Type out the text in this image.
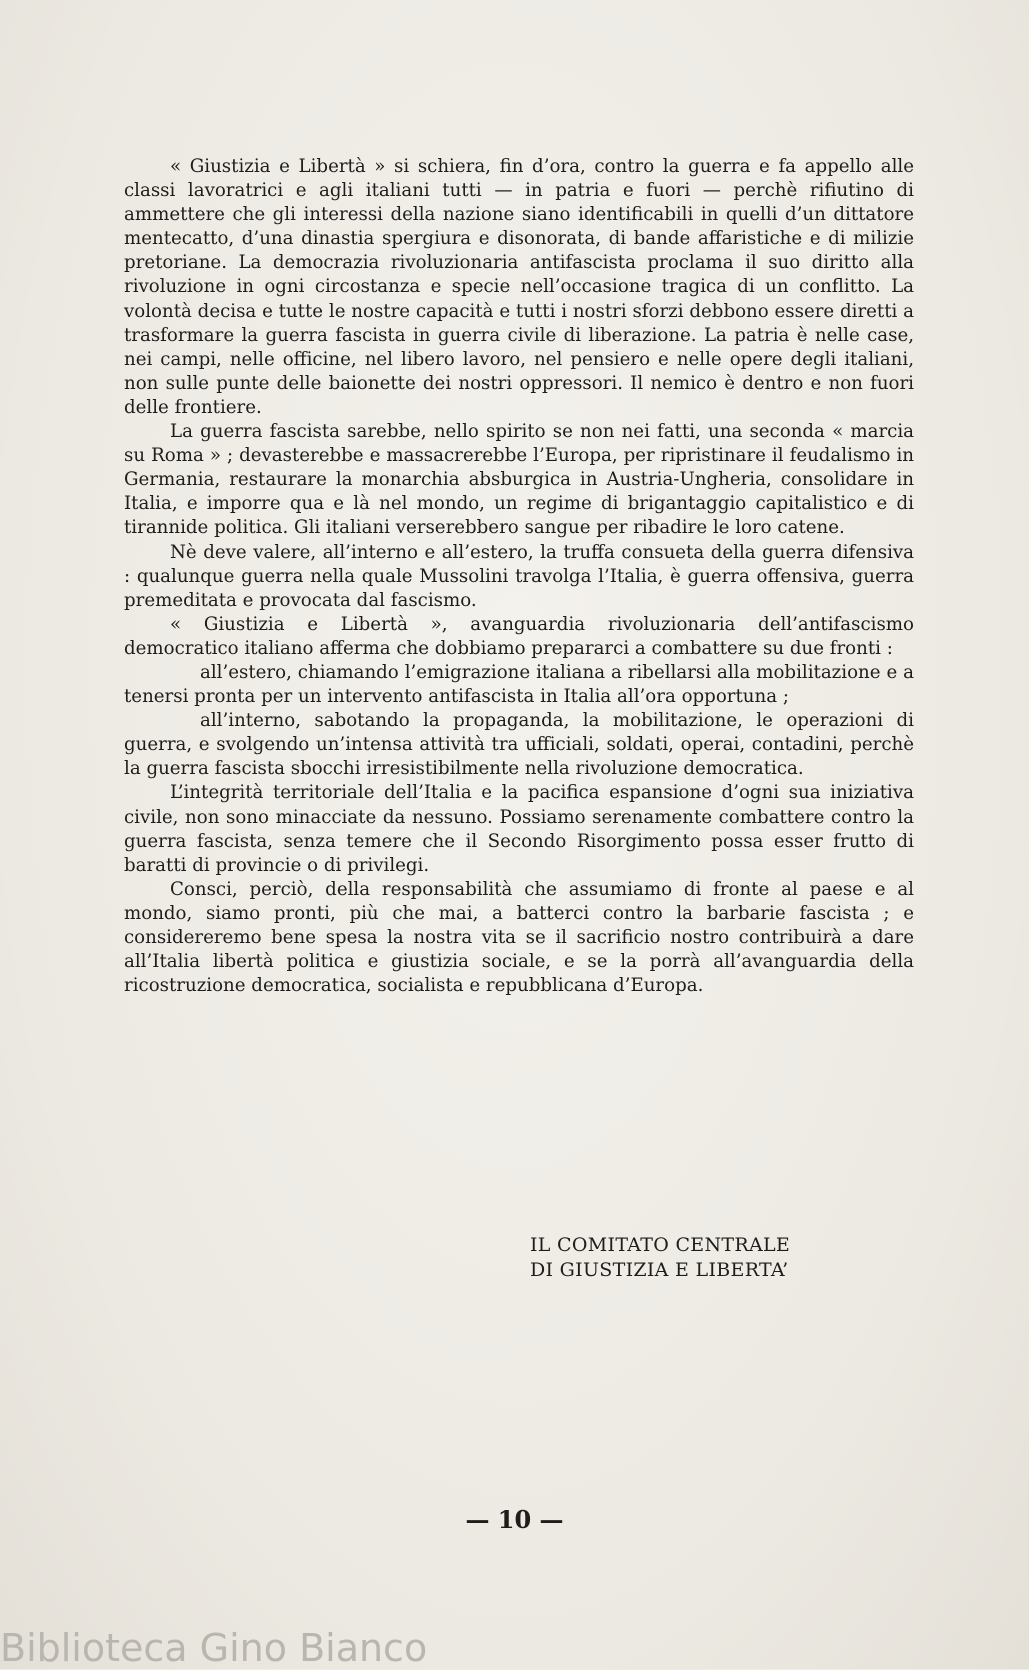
« Giustizia e Libertà » si schiera, fin d’ora, contro la guerra e fa appello alle classi lavoratrici e agli italiani tutti — in patria e fuori — perchè rifiutino di ammettere che gli interessi della nazione siano identificabili in quelli d’un dittatore mentecatto, d’una dinastia spergiura e disonorata, di bande affaristiche e di milizie pretoriane. La democrazia rivoluzionaria antifascista proclama il suo diritto alla rivoluzione in ogni circostanza e specie nell’occasione tragica di un conflitto. La volontà decisa e tutte le nostre capacità e tutti i nostri sforzi debbono essere diretti a trasformare la guerra fascista in guerra civile di liberazione. La patria è nelle case, nei campi, nelle officine, nel libero lavoro, nel pensiero e nelle opere degli italiani, non sulle punte delle baionette dei nostri oppressori. Il nemico è dentro e non fuori delle frontiere.

La guerra fascista sarebbe, nello spirito se non nei fatti, una seconda « marcia su Roma » ; devasterebbe e massacrerebbe l’Europa, per ripristinare il feudalismo in Germania, restaurare la monarchia absburgica in Austria-Ungheria, consolidare in Italia, e imporre qua e là nel mondo, un regime di brigantaggio capitalistico e di tirannide politica. Gli italiani verserebbero sangue per ribadire le loro catene.

Nè deve valere, all’interno e all’estero, la truffa consueta della guerra difensiva : qualunque guerra nella quale Mussolini travolga l’Italia, è guerra offensiva, guerra premeditata e provocata dal fascismo.

« Giustizia e Libertà », avanguardia rivoluzionaria dell’antifascismo democratico italiano afferma che dobbiamo prepararci a combattere su due fronti :

all’estero, chiamando l’emigrazione italiana a ribellarsi alla mobilitazione e a tenersi pronta per un intervento antifascista in Italia all’ora opportuna ;

all’interno, sabotando la propaganda, la mobilitazione, le operazioni di guerra, e svolgendo un’intensa attività tra ufficiali, soldati, operai, contadini, perchè la guerra fascista sbocchi irresistibilmente nella rivoluzione democratica.

L’integrità territoriale dell’Italia e la pacifica espansione d’ogni sua iniziativa civile, non sono minacciate da nessuno. Possiamo serenamente combattere contro la guerra fascista, senza temere che il Secondo Risorgimento possa esser frutto di baratti di provincie o di privilegi.

Consci, perciò, della responsabilità che assumiamo di fronte al paese e al mondo, siamo pronti, più che mai, a batterci contro la barbarie fascista ; e considereremo bene spesa la nostra vita se il sacrificio nostro contribuirà a dare all’Italia libertà politica e giustizia sociale, e se la porrà all’avanguardia della ricostruzione democratica, socialista e repubblicana d’Europa.

IL COMITATO CENTRALE
DI GIUSTIZIA E LIBERTA’
— 10 —
Biblioteca Gino Bianco
